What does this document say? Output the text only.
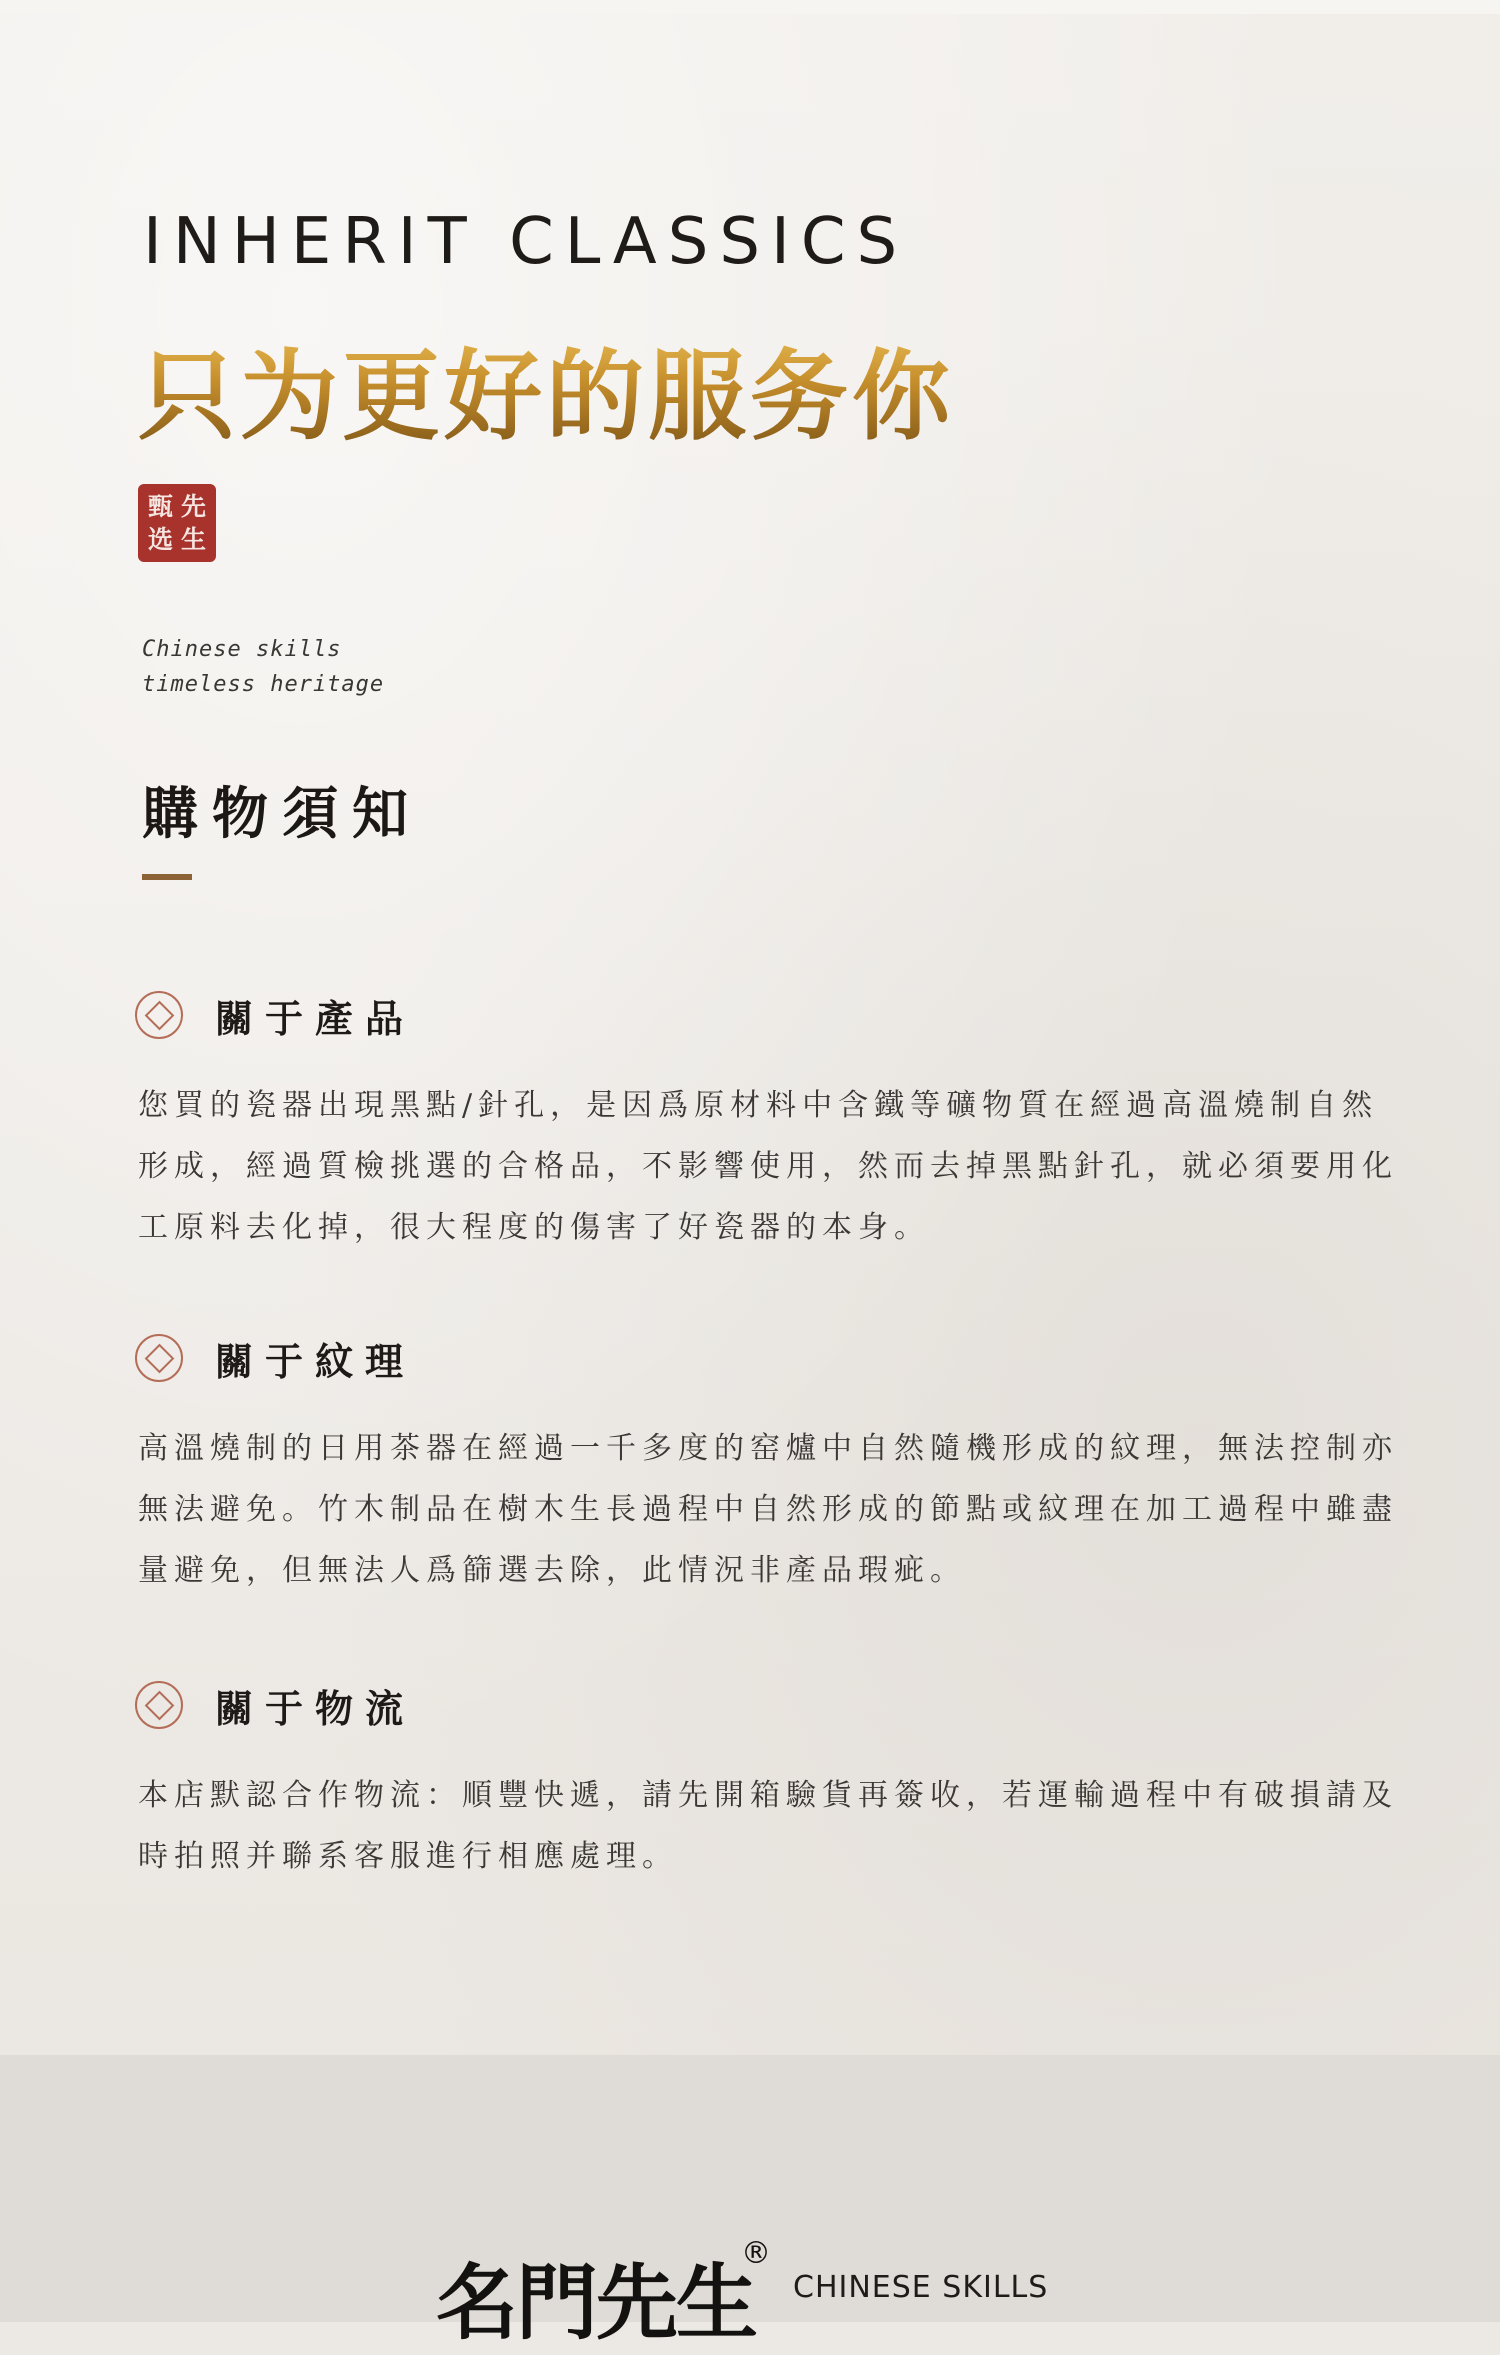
INHERIT CLASSICS
只为更好的服务你
甄 先
选 生
Chinese skills
timeless heritage
購物須知
關于產品
您買的瓷器出現黑點/針孔，是因爲原材料中含鐵等礦物質在經過高溫燒制自然形成，經過質檢挑選的合格品，不影響使用，然而去掉黑點針孔，就必須要用化工原料去化掉，很大程度的傷害了好瓷器的本身。
關于紋理
高溫燒制的日用茶器在經過一千多度的窑爐中自然隨機形成的紋理，無法控制亦無法避免。竹木制品在樹木生長過程中自然形成的節點或紋理在加工過程中雖盡量避免，但無法人爲篩選去除，此情況非產品瑕疵。
關于物流
本店默認合作物流：順豐快遞，請先開箱驗貨再簽收，若運輸過程中有破損請及時拍照并聯系客服進行相應處理。
名門先生
®
CHINESE SKILLS
